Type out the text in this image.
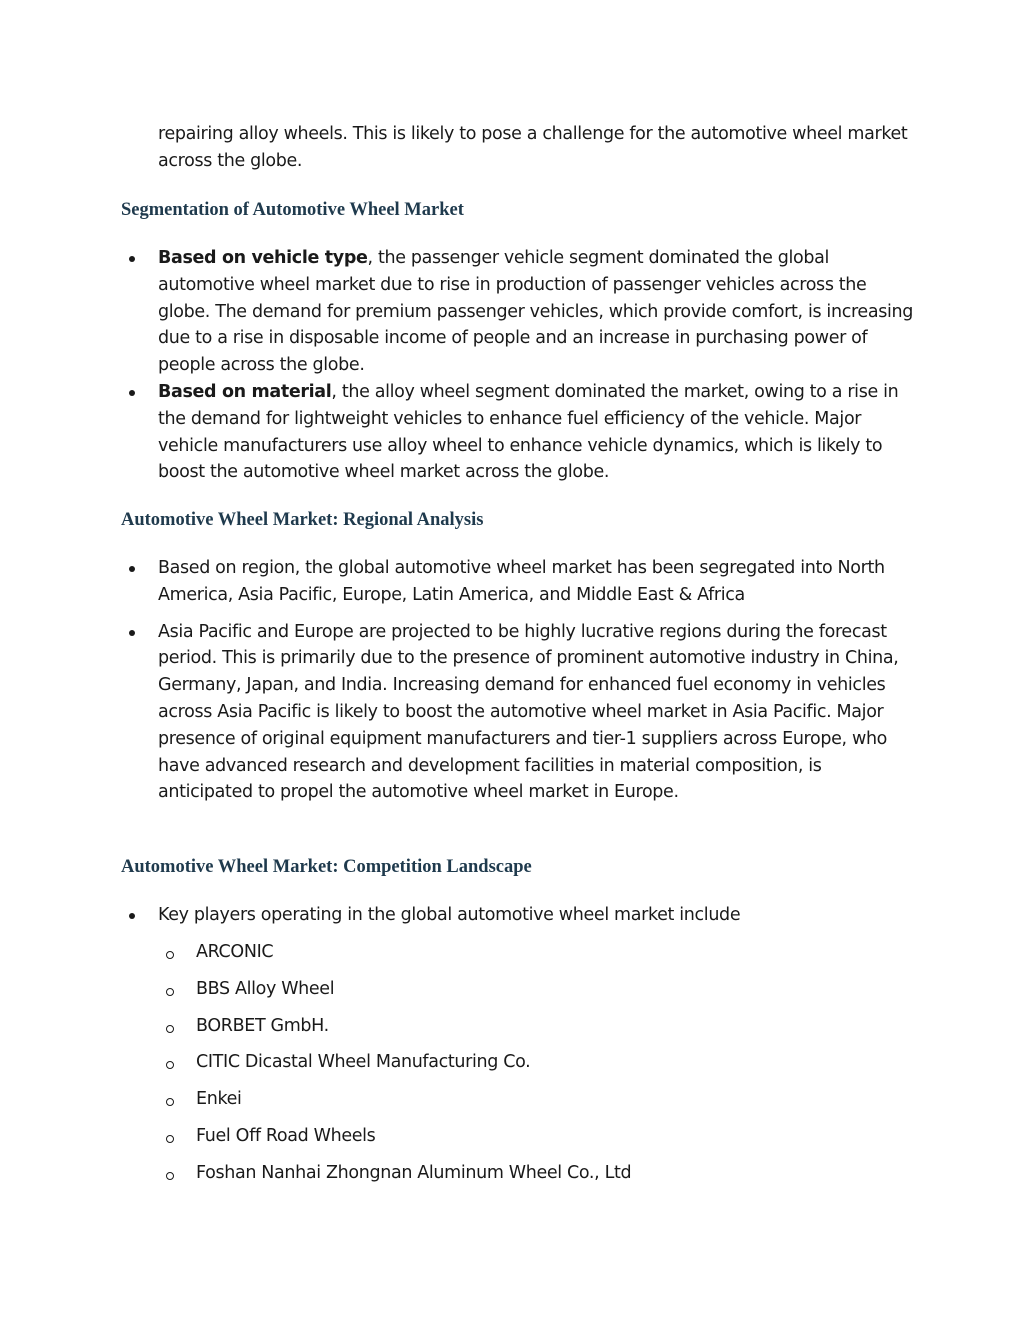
repairing alloy wheels. This is likely to pose a challenge for the automotive wheel market across the globe.

Segmentation of Automotive Wheel Market
Based on vehicle type, the passenger vehicle segment dominated the global automotive wheel market due to rise in production of passenger vehicles across the globe. The demand for premium passenger vehicles, which provide comfort, is increasing due to a rise in disposable income of people and an increase in purchasing power of people across the globe.
Based on material, the alloy wheel segment dominated the market, owing to a rise in the demand for lightweight vehicles to enhance fuel efficiency of the vehicle. Major vehicle manufacturers use alloy wheel to enhance vehicle dynamics, which is likely to boost the automotive wheel market across the globe.
Automotive Wheel Market: Regional Analysis
Based on region, the global automotive wheel market has been segregated into North America, Asia Pacific, Europe, Latin America, and Middle East & Africa
Asia Pacific and Europe are projected to be highly lucrative regions during the forecast period. This is primarily due to the presence of prominent automotive industry in China, Germany, Japan, and India. Increasing demand for enhanced fuel economy in vehicles across Asia Pacific is likely to boost the automotive wheel market in Asia Pacific. Major presence of original equipment manufacturers and tier-1 suppliers across Europe, who have advanced research and development facilities in material composition, is anticipated to propel the automotive wheel market in Europe.
Automotive Wheel Market: Competition Landscape
Key players operating in the global automotive wheel market include
ARCONIC
BBS Alloy Wheel
BORBET GmbH.
CITIC Dicastal Wheel Manufacturing Co.
Enkei
Fuel Off Road Wheels
Foshan Nanhai Zhongnan Aluminum Wheel Co., Ltd
